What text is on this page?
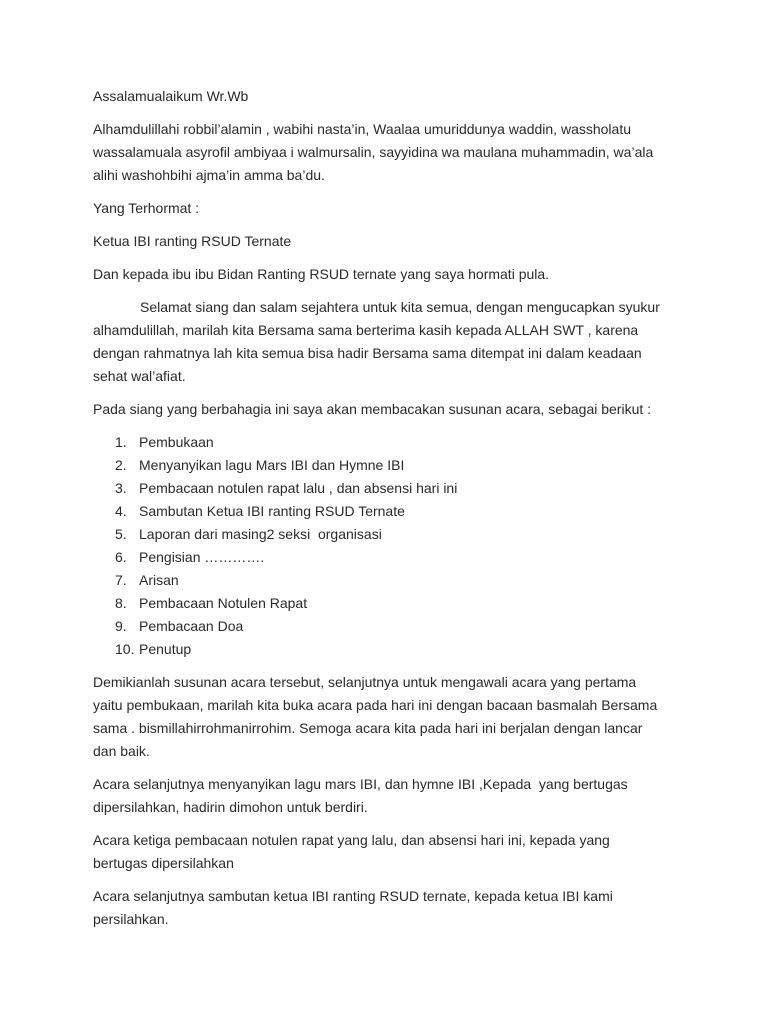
Assalamualaikum Wr.Wb

Alhamdulillahi robbil’alamin , wabihi nasta’in, Waalaa umuriddunya waddin, wassholatu
wassalamuala asyrofil ambiyaa i walmursalin, sayyidina wa maulana muhammadin, wa’ala
alihi washohbihi ajma’in amma ba’du.

Yang Terhormat :

Ketua IBI ranting RSUD Ternate

Dan kepada ibu ibu Bidan Ranting RSUD ternate yang saya hormati pula.

Selamat siang dan salam sejahtera untuk kita semua, dengan mengucapkan syukur
alhamdulillah, marilah kita Bersama sama berterima kasih kepada ALLAH SWT , karena
dengan rahmatnya lah kita semua bisa hadir Bersama sama ditempat ini dalam keadaan
sehat wal’afiat.

Pada siang yang berbahagia ini saya akan membacakan susunan acara, sebagai berikut :

1. Pembukaan
2. Menyanyikan lagu Mars IBI dan Hymne IBI
3. Pembacaan notulen rapat lalu , dan absensi hari ini
4. Sambutan Ketua IBI ranting RSUD Ternate
5. Laporan dari masing2 seksi  organisasi
6. Pengisian ………….
7. Arisan
8. Pembacaan Notulen Rapat
9. Pembacaan Doa
10. Penutup

Demikianlah susunan acara tersebut, selanjutnya untuk mengawali acara yang pertama
yaitu pembukaan, marilah kita buka acara pada hari ini dengan bacaan basmalah Bersama
sama . bismillahirrohmanirrohim. Semoga acara kita pada hari ini berjalan dengan lancar
dan baik.

Acara selanjutnya menyanyikan lagu mars IBI, dan hymne IBI ,Kepada  yang bertugas
dipersilahkan, hadirin dimohon untuk berdiri.

Acara ketiga pembacaan notulen rapat yang lalu, dan absensi hari ini, kepada yang
bertugas dipersilahkan

Acara selanjutnya sambutan ketua IBI ranting RSUD ternate, kepada ketua IBI kami
persilahkan.
